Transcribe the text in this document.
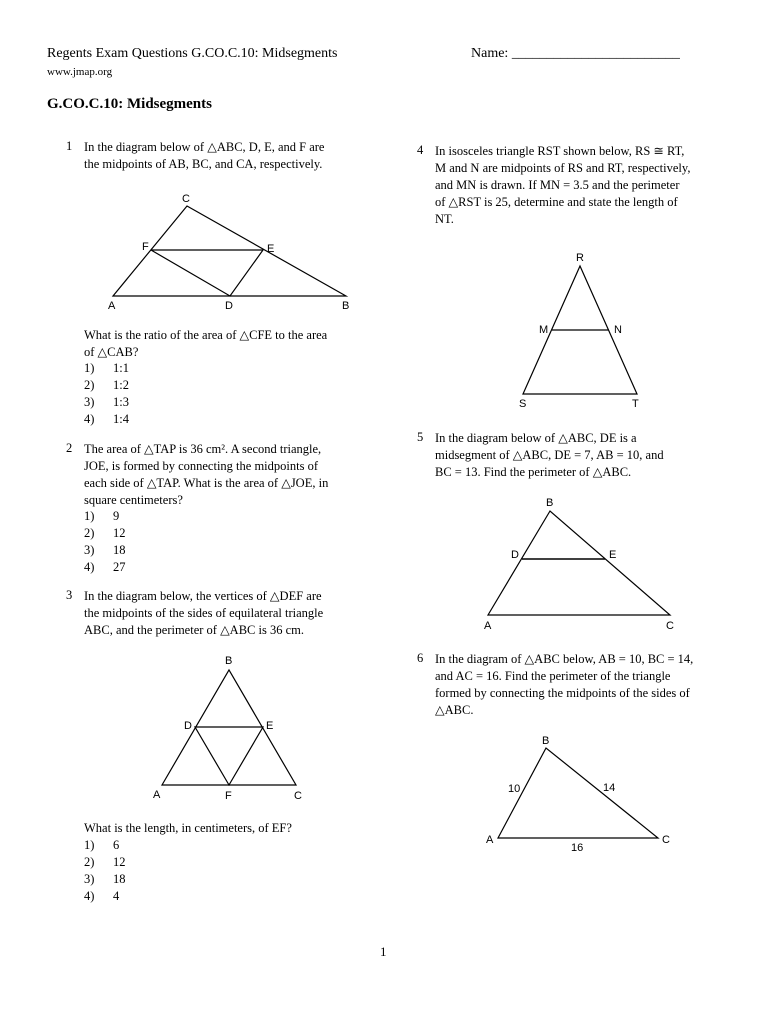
Regents Exam Questions G.CO.C.10: Midsegments
www.jmap.org
Name: ________________________
G.CO.C.10: Midsegments
1 In the diagram below of △ABC, D, E, and F are

the midpoints of AB, BC, and CA, respectively.

C
F	E
A	D	B

What is the ratio of the area of △CFE to the area

of △CAB?

1)	1:1
2)	1:2
3)	1:3
4)	1:4
2 The area of △TAP is 36 cm². A second triangle,

JOE, is formed by connecting the midpoints of

each side of △TAP. What is the area of △JOE, in

square centimeters?

1)	9
2)	12
3)	18
4)	27
3 In the diagram below, the vertices of △DEF are

the midpoints of the sides of equilateral triangle

ABC, and the perimeter of △ABC is 36 cm.

B
D	E
A	F	C

What is the length, in centimeters, of EF?

1)	6
2)	12
3)	18
4)	4
4 In isosceles triangle RST shown below, RS ≅ RT,

M and N are midpoints of RS and RT, respectively,

and MN is drawn. If MN = 3.5 and the perimeter

of △RST is 25, determine and state the length of

NT.

R
M	N
S	T
5 In the diagram below of △ABC, DE is a

midsegment of △ABC, DE = 7, AB = 10, and

BC = 13. Find the perimeter of △ABC.

B
D	E
A	C
6 In the diagram of △ABC below, AB = 10, BC = 14,

and AC = 16. Find the perimeter of the triangle

formed by connecting the midpoints of the sides of

△ABC.

B
A	C
10	14
16
1
